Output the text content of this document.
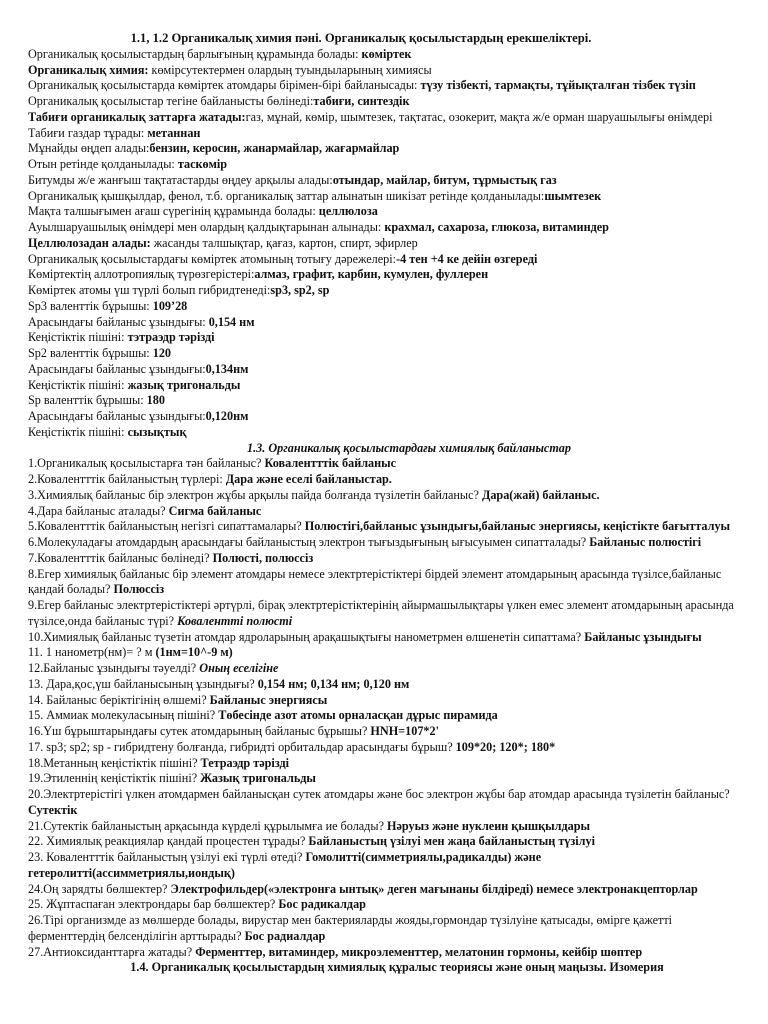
1.1, 1.2 Органикалық химия пәні. Органикалық қосылыстардың ерекшеліктері.
Органикалық қосылыстардың барлығының құрамында болады: көміртек
Органикалық химия: көмірсутектермен олардың туындыларының химиясы
Органикалық қосылыстарда көміртек атомдары бірімен-бірі байланысады: түзу тізбекті, тармақты, тұйықталған тізбек түзіп
Органикалық қосылыстар тегіне байланысты бөлінеді:табиғи, синтездік
Табиғи органикалық заттарға жатады:газ, мұнай, көмір, шымтезек, тақтатас, озокерит, мақта ж/е орман шаруашылығы өнімдері
Табиғи газдар тұрады: метаннан
Мұнайды өңдеп алады:бензин, керосин, жанармайлар, жағармайлар
Отын ретінде қолданылады: таскөмір
Битумды ж/е жанғыш тақтатастарды өңдеу арқылы алады:отындар, майлар, битум, тұрмыстық газ
Органикалық қышқылдар, фенол, т.б. органикалық заттар алынатын шикізат ретінде қолданылады:шымтезек
Мақта талшығымен ағаш сүрегінің құрамында болады: целлюлоза
Ауылшаруашылық өнімдері мен олардың қалдықтарынан алынады: крахмал, сахароза, глюкоза, витаминдер
Целлюлозадан алады: жасанды талшықтар, қағаз, картон, спирт, эфирлер
Органикалық қосылыстардағы көміртек атомының тотығу дәрежелері:-4 тен +4 ке дейін өзгереді
Көміртектің аллотропиялық түрөзгерістері:алмаз, графит, карбин, кумулен, фуллерен
Көміртек атомы үш түрлі болып гибридтенеді:sp3, sp2, sp
Sp3 валенттік бұрышы: 109’28
Арасындағы байланыс ұзындығы: 0,154 нм
Кеңістіктік пішіні: тэтраэдр тәрізді
Sp2 валенттік бұрышы: 120
Арасындағы байланыс ұзындығы:0,134нм
Кеңістіктік пішіні: жазық тригональды
Sp валенттік бұрышы: 180
Арасындағы байланыс ұзындығы:0,120нм
Кеңістіктік пішіні: сызықтық
1.3. Органикалық қосылыстардағы химиялық байланыстар
1.Органикалық қосылыстарға тән байланыс? Ковалентттік байланыс
2.Ковалентттік байланыстың түрлері: Дара және еселі байланыстар.
3.Химиялық байланыс бір электрон жұбы арқылы пайда болғанда түзілетін байланыс? Дара(жай) байланыс.
4.Дара байланыс аталады? Сигма байланыс
5.Ковалентттік байланыстың негізгі сипаттамалары? Полюстігі,байланыс ұзындығы,байланыс энергиясы, кеңістікте бағытталуы
6.Молекуладағы атомдардың арасындағы байланыстың электрон тығыздығының ығысуымен сипатталады? Байланыс полюстігі
7.Ковалентттік байланыс бөлінеді? Полюсті, полюссіз
8.Егер химиялық байланыс бір элемент атомдары немесе электртерістіктері бірдей элемент атомдарының арасында түзілсе,байланыс қандай болады? Полюссіз
9.Егер байланыс электртерістіктері әртүрлі, бірақ электртерістіктерінің айырмашылықтары үлкен емес элемент атомдарының арасында түзілсе,онда байланыс түрі? Ковалентті полюсті
10.Химиялық байланыс түзетін атомдар ядроларының арақашықтығы нанометрмен өлшенетін сипаттама? Байланыс ұзындығы
11. 1 нанометр(нм)= ? м (1нм=10^-9 м)
12.Байланыс ұзындығы тәуелді? Оның еселігіне
13. Дара,қос,үш байланысының ұзындығы? 0,154 нм; 0,134 нм; 0,120 нм
14. Байланыс беріктігінің өлшемі? Байланыс энергиясы
15. Аммиак молекуласының пішіні? Төбесінде азот атомы орналасқан дұрыс пирамида
16.Үш бұрыштарындағы сутек атомдарының байланыс бұрышы? HNH=107*2'
17. sp3; sp2; sp - гибридтену болғанда, гибридті орбитальдар арасындағы бұрыш? 109*20; 120*; 180*
18.Метанның кеңістіктік пішіні? Тетраэдр тәрізді
19.Этиленнің кеңістіктік пішіні? Жазық тригональды
20.Электртерістігі үлкен атомдармен байланысқан сутек атомдары және бос электрон жұбы бар атомдар арасында түзілетін байланыс? Сутектік
21.Сутектік байланыстың арқасында күрделі құрылымға ие болады? Нәруыз және нуклеин қышқылдары
22. Химиялық реакциялар қандай процестен тұрады? Байланыстың үзілуі мен жаңа байланыстың түзілуі
23. Ковалентттік байланыстың үзілуі екі түрлі өтеді? Гомолитті(симметриялы,радикалды) және гетеролитті(ассимметриялы,иондық)
24.Оң зарядты бөлшектер? Электрофильдер(«электронға ынтық» деген мағынаны білдіреді) немесе электронакцепторлар
25. Жұптаспаған электрондары бар бөлшектер? Бос радикалдар
26.Тірі организмде аз мөлшерде болады, вирустар мен бактерияларды жояды,гормондар түзілуіне қатысады, өмірге қажетті ферменттердің белсенділігін арттырады? Бос радиалдар
27.Антиоксиданттарға жатады? Ферменттер, витаминдер, микроэлементтер, мелатонин гормоны, кейбір шөптер
1.4. Органикалық қосылыстардың химиялық құралыс теориясы және оның маңызы. Изомерия
